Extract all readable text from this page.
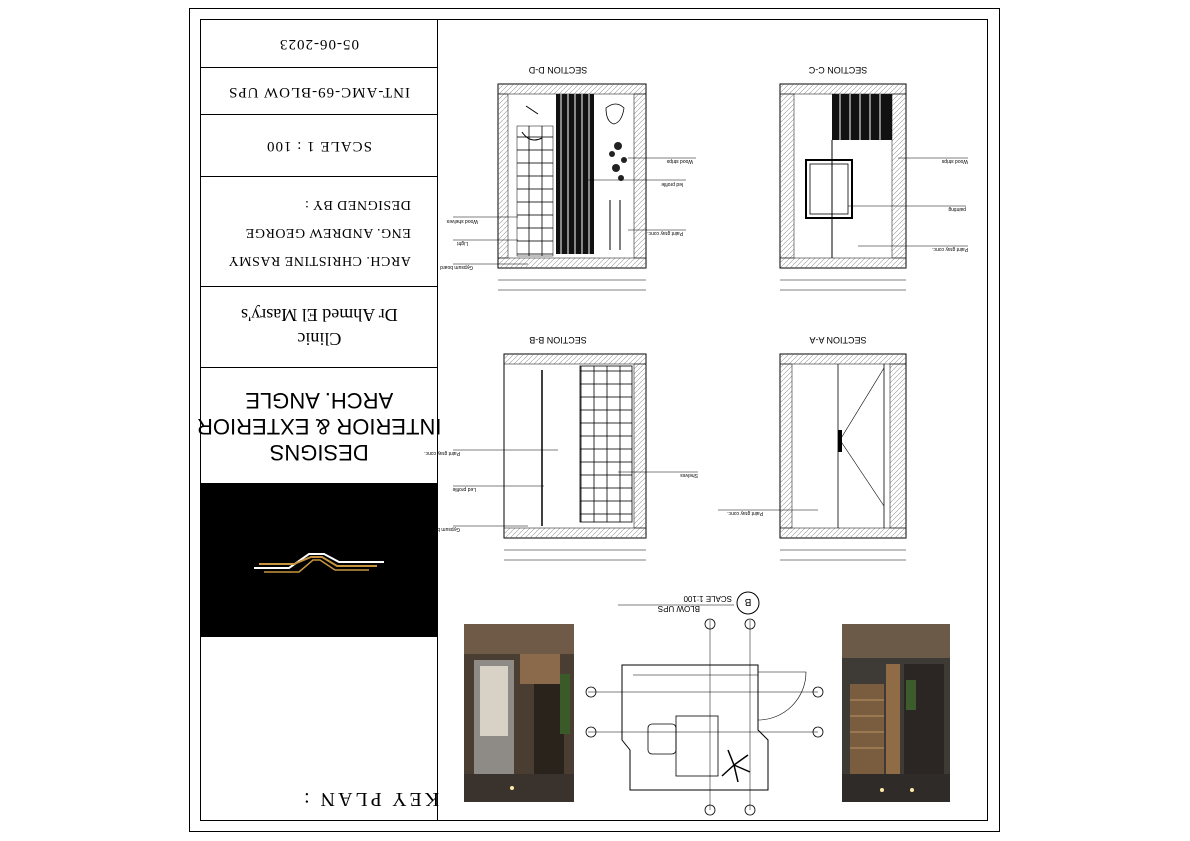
05-06-2023
INT-AMC-69-BLOW UPS
SCALE 1 : 100
ARCH. CHRISTINE RASMY
ENG. ANDREW GEORGE
DESIGNED BY :
Clinic
Dr Ahmed El Masry's
DESIGNS
INTERIOR & EXTERIOR
ARCH. ANGLE
KEY PLAN :
SECTION D-D
Wood strips
led profile
Paint gray conc.
Wood shelves
Light
Gypsum board
SECTION C-C
Wood strips
painting
Paint gray conc.
SECTION B-B
Paint gray conc.
Led profile
Gypsum board
Shelves
SECTION A-A
Paint gray conc.
B
SCALE 1:100
BLOW UPS
